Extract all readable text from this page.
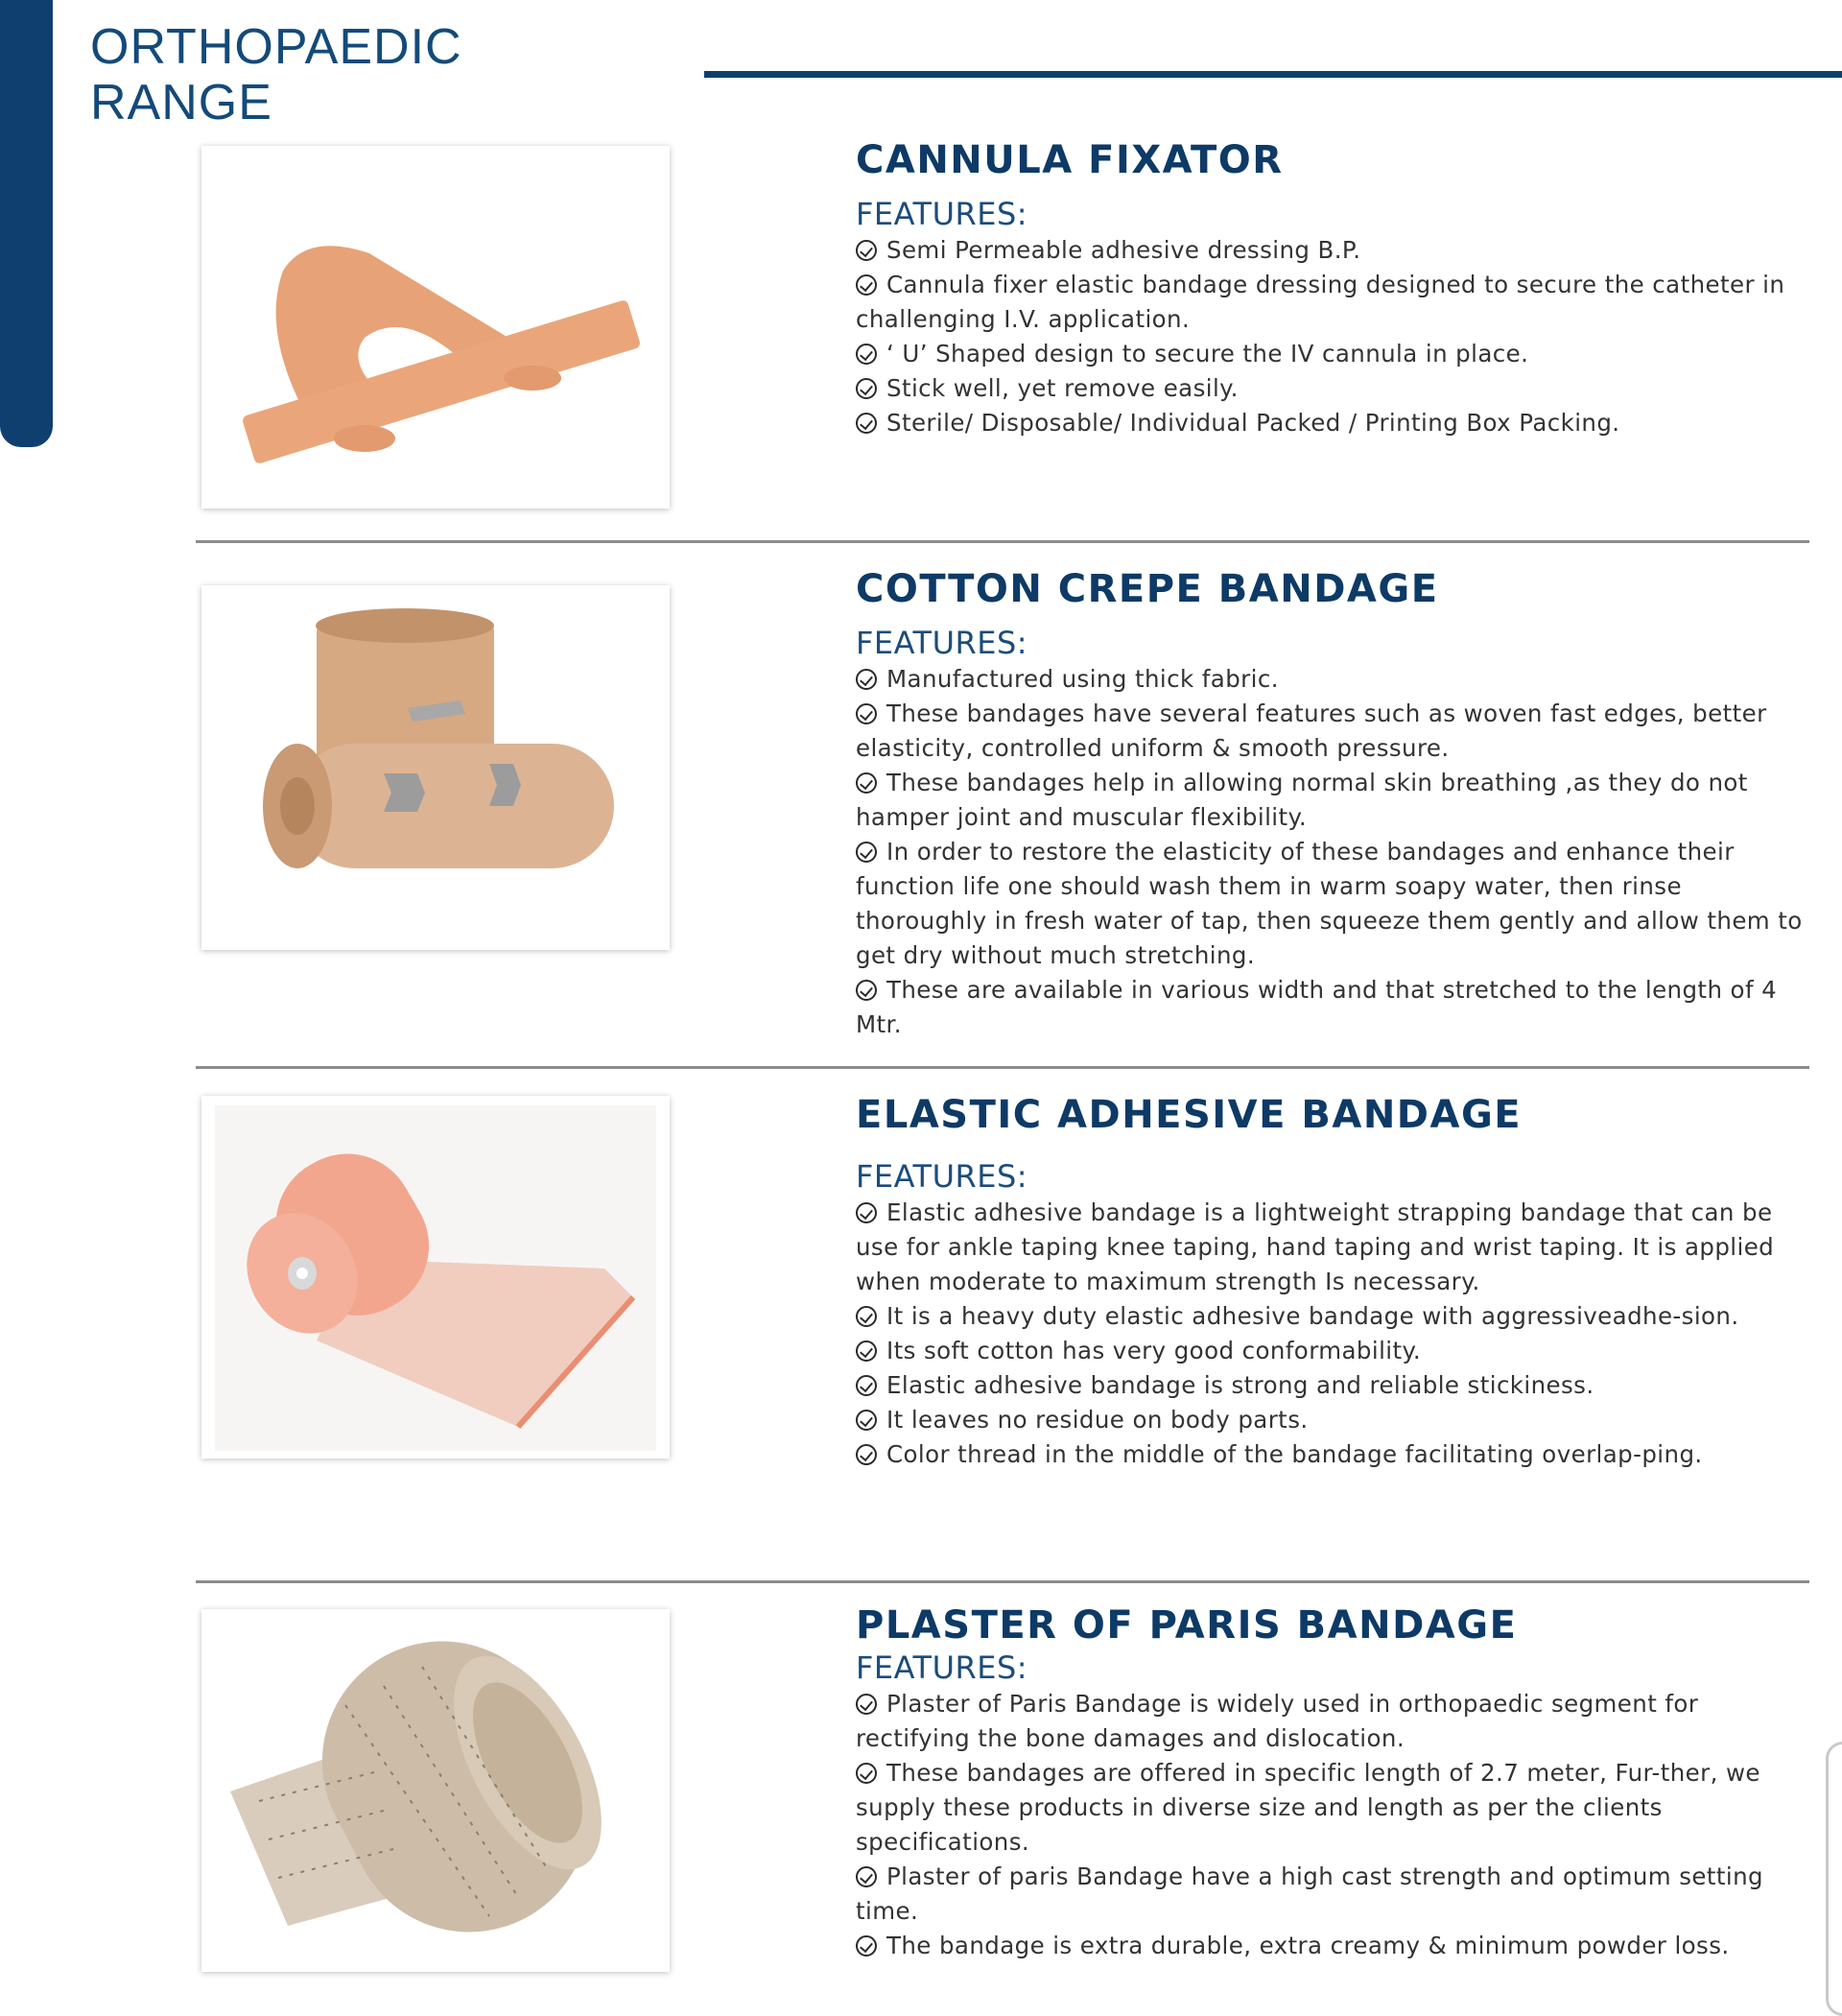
ORTHOPAEDIC
RANGE
CANNULA FIXATOR
FEATURES:
Semi Permeable adhesive dressing B.P.
Cannula fixer elastic bandage dressing designed to secure the catheter in challenging I.V. application.
‘ U’ Shaped design to secure the IV cannula in place.
Stick well, yet remove easily.
Sterile/ Disposable/ Individual Packed / Printing Box Packing.
COTTON CREPE BANDAGE
FEATURES:
Manufactured using thick fabric.
These bandages have several features such as woven fast edges, better elasticity, controlled uniform & smooth pressure.
These bandages help in allowing normal skin breathing ,as they do not hamper joint and muscular flexibility.
In order to restore the elasticity of these bandages and enhance their function life one should wash them in warm soapy water, then rinse thoroughly in fresh water of tap, then squeeze them gently and allow them to get dry without much stretching.
These are available in various width and that stretched to the length of 4 Mtr.
ELASTIC ADHESIVE BANDAGE
FEATURES:
Elastic adhesive bandage is a lightweight strapping bandage that can be use for ankle taping knee taping, hand taping and wrist taping. It is applied when moderate to maximum strength Is necessary.
It is a heavy duty elastic adhesive bandage with aggressiveadhe-sion.
Its soft cotton has very good conformability.
Elastic adhesive bandage is strong and reliable stickiness.
It leaves no residue on body parts.
Color thread in the middle of the bandage facilitating overlap-ping.
PLASTER OF PARIS BANDAGE
FEATURES:
Plaster of Paris Bandage is widely used in orthopaedic segment for rectifying the bone damages and dislocation.
These bandages are offered in specific length of 2.7 meter, Fur-ther, we supply these products in diverse size and length as per the clients specifications.
Plaster of paris Bandage have a high cast strength and optimum setting time.
The bandage is extra durable, extra creamy & minimum powder loss.
